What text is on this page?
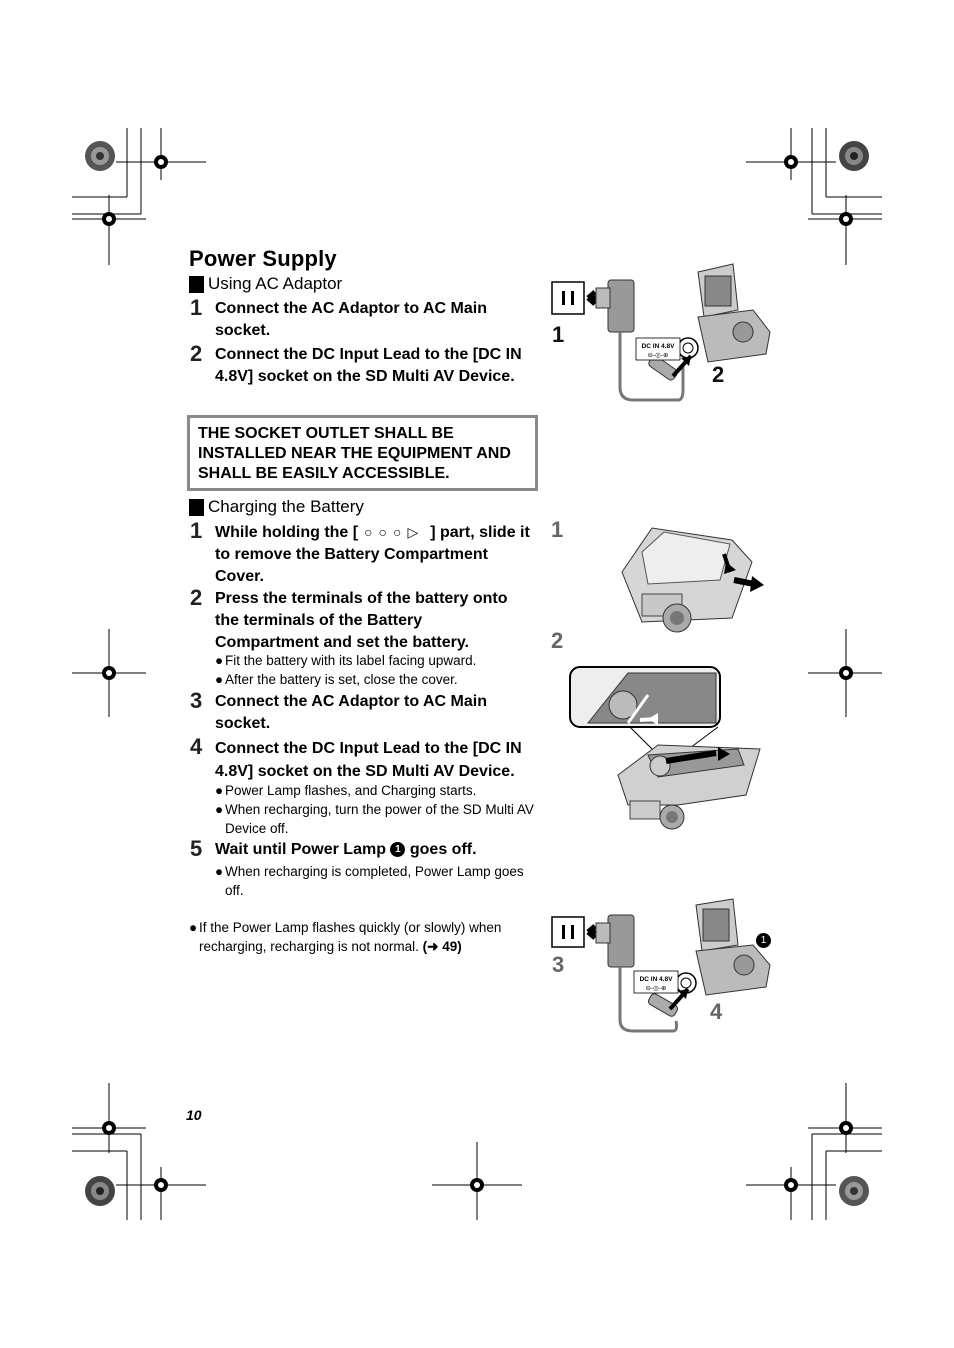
Power Supply
Using AC Adaptor
1 Connect the AC Adaptor to AC Main socket.
2 Connect the DC Input Lead to the [DC IN 4.8V] socket on the SD Multi AV Device.
THE SOCKET OUTLET SHALL BE
INSTALLED NEAR THE EQUIPMENT AND
SHALL BE EASILY ACCESSIBLE.
Charging the Battery
1 While holding the [ ○○○▷ ] part, slide it to remove the Battery Compartment Cover.
2 Press the terminals of the battery onto the terminals of the Battery Compartment and set the battery.
● Fit the battery with its label facing upward.
● After the battery is set, close the cover.
3 Connect the AC Adaptor to AC Main socket.
4 Connect the DC Input Lead to the [DC IN 4.8V] socket on the SD Multi AV Device.
● Power Lamp flashes, and Charging starts.
● When recharging, turn the power of the SD Multi AV Device off.
5 Wait until Power Lamp 1 goes off.
● When recharging is completed, Power Lamp goes off.
● If the Power Lamp flashes quickly (or slowly) when recharging, recharging is not normal. (➜ 49)
10
DC IN 4.8V
⊖-◎-⊕
1
2
1
2
DC IN 4.8V
⊖-◎-⊕
1
3
4
